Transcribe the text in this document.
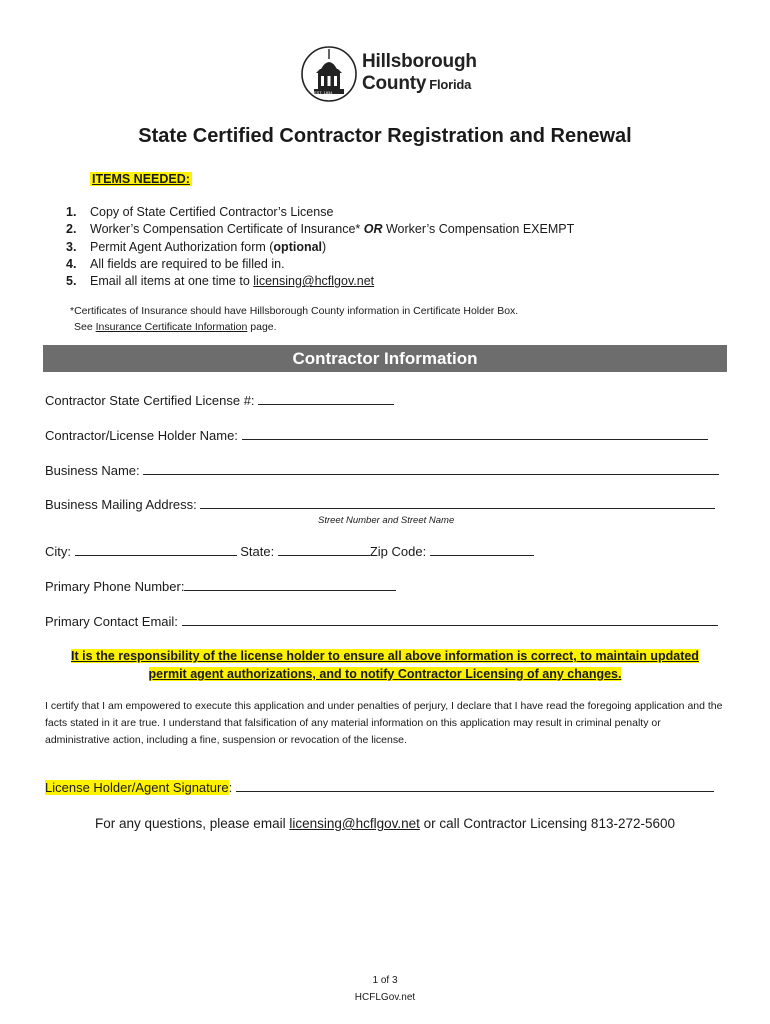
EST. 1834
Hillsborough
County Florida
State Certified Contractor Registration and Renewal
ITEMS NEEDED:
1. Copy of State Certified Contractor’s License
2. Worker’s Compensation Certificate of Insurance* OR Worker’s Compensation EXEMPT
3. Permit Agent Authorization form (optional)
4. All fields are required to be filled in.
5. Email all items at one time to licensing@hcflgov.net
*Certificates of Insurance should have Hillsborough County information in Certificate Holder Box.
See Insurance Certificate Information page.
Contractor Information
Contractor State Certified License #:
Contractor/License Holder Name:
Business Name:
Business Mailing Address:
Street Number and Street Name
City:	State:	Zip Code:
Primary Phone Number:
Primary Contact Email:
It is the responsibility of the license holder to ensure all above information is correct, to maintain updated
permit agent authorizations, and to notify Contractor Licensing of any changes.
I certify that I am empowered to execute this application and under penalties of perjury, I declare that I have read the foregoing application and the facts stated in it are true. I understand that falsification of any material information on this application may result in criminal penalty or administrative action, including a fine, suspension or revocation of the license.
License Holder/Agent Signature:
For any questions, please email licensing@hcflgov.net or call Contractor Licensing 813-272-5600
1 of 3
HCFLGov.net
